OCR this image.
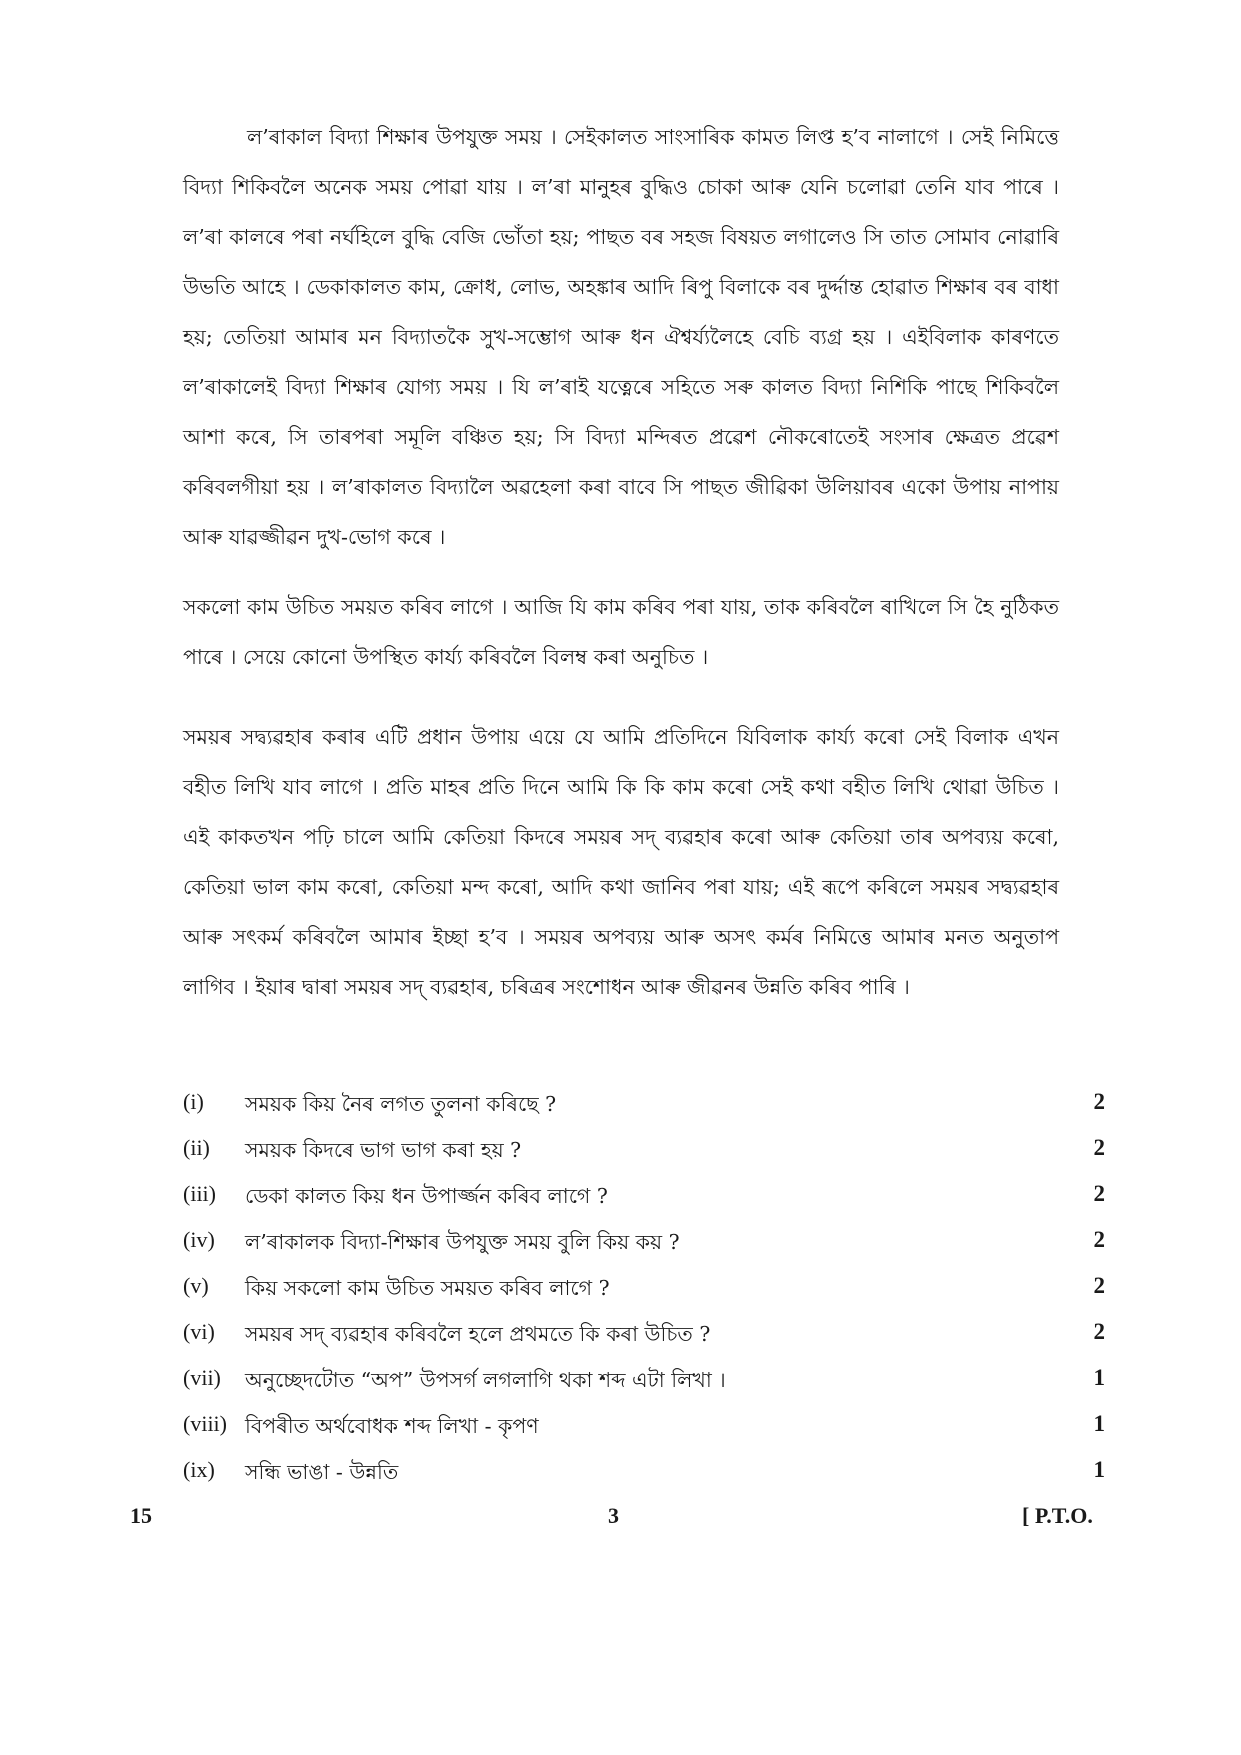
ল’ৰাকাল বিদ্যা শিক্ষাৰ উপযুক্ত সময় । সেইকালত সাংসাৰিক কামত লিপ্ত হ’ব নালাগে । সেই নিমিত্তে বিদ্যা শিকিবলৈ অনেক সময় পোৱা যায় । ল’ৰা মানুহৰ বুদ্ধিও চোকা আৰু যেনি চলোৱা তেনি যাব পাৰে । ল’ৰা কালৰে পৰা নৰ্ঘহিলে বুদ্ধি বেজি ভোঁতা হয়; পাছত বৰ সহজ বিষয়ত লগালেও সি তাত সোমাব নোৱাৰি উভতি আহে । ডেকাকালত কাম, ক্ৰোধ, লোভ, অহঙ্কাৰ আদি ৰিপু বিলাকে বৰ দুৰ্দ্দান্ত হোৱাত শিক্ষাৰ বৰ বাধা হয়; তেতিয়া আমাৰ মন বিদ্যাতকৈ সুখ-সম্ভোগ আৰু ধন ঐশ্বৰ্য্যলৈহে বেচি ব্যগ্ৰ হয় । এইবিলাক কাৰণতে ল’ৰাকালেই বিদ্যা শিক্ষাৰ যোগ্য সময় । যি ল’ৰাই যত্নেৰে সহিতে সৰু কালত বিদ্যা নিশিকি পাছে শিকিবলৈ আশা কৰে, সি তাৰপৰা সমূলি বঞ্চিত হয়; সি বিদ্যা মন্দিৰত প্ৰৱেশ নৌকৰোতেই সংসাৰ ক্ষেত্ৰত প্ৰৱেশ কৰিবলগীয়া হয় । ল’ৰাকালত বিদ্যালৈ অৱহেলা কৰা বাবে সি পাছত জীৱিকা উলিয়াবৰ একো উপায় নাপায় আৰু যাৱজ্জীৱন দুখ-ভোগ কৰে ।

সকলো কাম উচিত সময়ত কৰিব লাগে । আজি যি কাম কৰিব পৰা যায়, তাক কৰিবলৈ ৰাখিলে সি হৈ নুঠিকত পাৰে । সেয়ে কোনো উপস্থিত কাৰ্য্য কৰিবলৈ বিলম্ব কৰা অনুচিত ।

সময়ৰ সদ্ব্যৱহাৰ কৰাৰ এটি প্ৰধান উপায় এয়ে যে আমি প্ৰতিদিনে যিবিলাক কাৰ্য্য কৰো সেই বিলাক এখন বহীত লিখি যাব লাগে । প্ৰতি মাহৰ প্ৰতি দিনে আমি কি কি কাম কৰো সেই কথা বহীত লিখি থোৱা উচিত । এই কাকতখন পঢ়ি চালে আমি কেতিয়া কিদৰে সময়ৰ সদ্ ব্যৱহাৰ কৰো আৰু কেতিয়া তাৰ অপব্যয় কৰো, কেতিয়া ভাল কাম কৰো, কেতিয়া মন্দ কৰো, আদি কথা জানিব পৰা যায়; এই ৰূপে কৰিলে সময়ৰ সদ্ব্যৱহাৰ আৰু সৎকৰ্ম কৰিবলৈ আমাৰ ইচ্ছা হ’ব । সময়ৰ অপব্যয় আৰু অসৎ কৰ্মৰ নিমিত্তে আমাৰ মনত অনুতাপ লাগিব । ইয়াৰ দ্বাৰা সময়ৰ সদ্ ব্যৱহাৰ, চৰিত্ৰৰ সংশোধন আৰু জীৱনৰ উন্নতি কৰিব পাৰি ।

(i) সময়ক কিয় নৈৰ লগত তুলনা কৰিছে ?	2
(ii) সময়ক কিদৰে ভাগ ভাগ কৰা হয় ?	2
(iii) ডেকা কালত কিয় ধন উপাৰ্জ্জন কৰিব লাগে ?	2
(iv) ল’ৰাকালক বিদ্যা-শিক্ষাৰ উপযুক্ত সময় বুলি কিয় কয় ?	2
(v) কিয় সকলো কাম উচিত সময়ত কৰিব লাগে ?	2
(vi) সময়ৰ সদ্ ব্যৱহাৰ কৰিবলৈ হলে প্ৰথমতে কি কৰা উচিত ?	2
(vii) অনুচ্ছেদটোত “অপ” উপসৰ্গ লগলাগি থকা শব্দ এটা লিখা ।	1
(viii) বিপৰীত অৰ্থবোধক শব্দ লিখা - কৃপণ	1
(ix) সন্ধি ভাঙা - উন্নতি	1
15	3	[ P.T.O.
